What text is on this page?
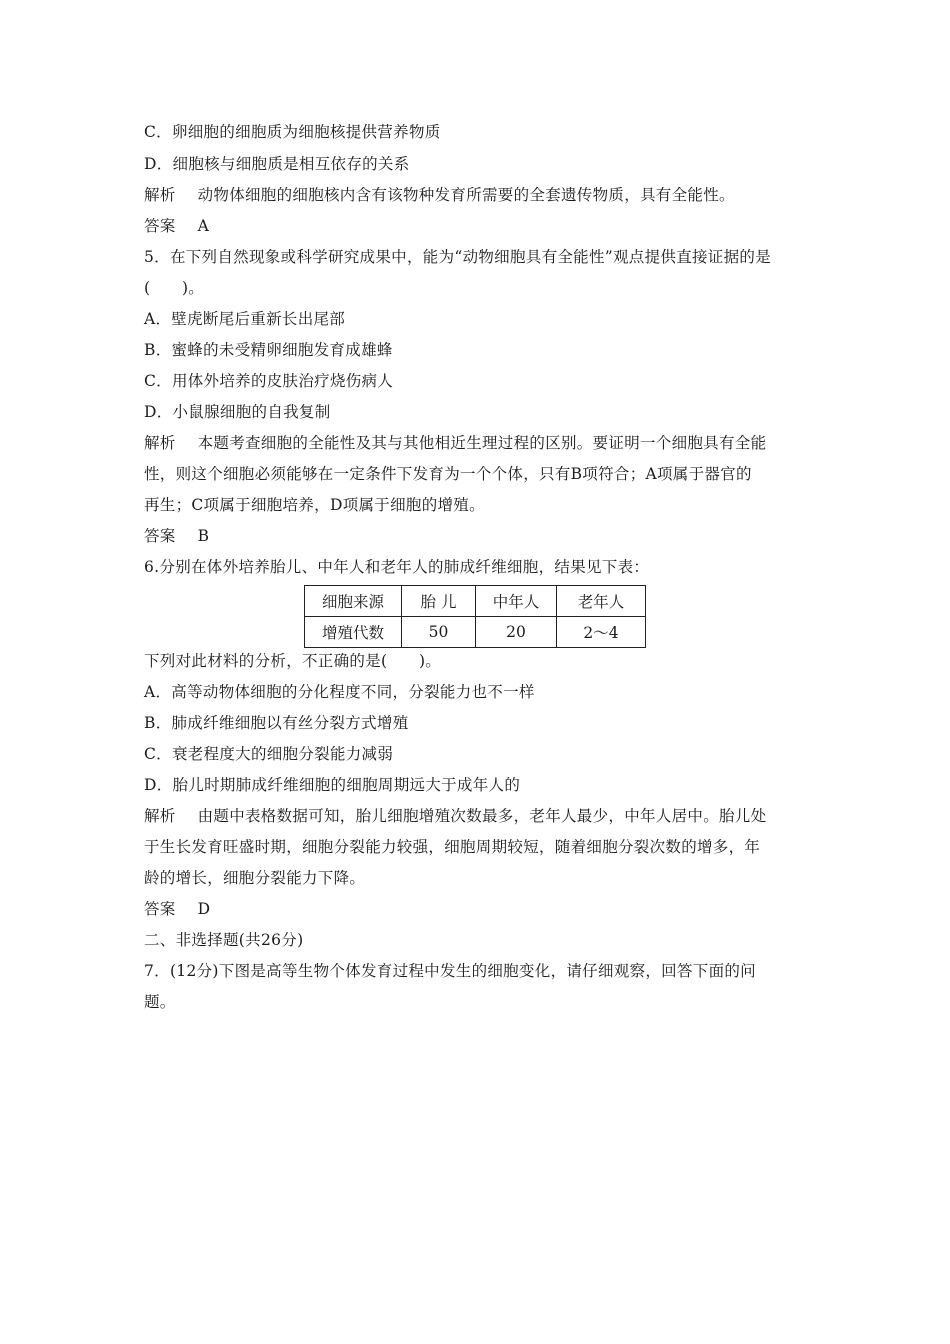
C．卵细胞的细胞质为细胞核提供营养物质
D．细胞核与细胞质是相互依存的关系
解析 动物体细胞的细胞核内含有该物种发育所需要的全套遗传物质，具有全能性。
答案 A
5．在下列自然现象或科学研究成果中，能为“动物细胞具有全能性”观点提供直接证据的是
(　　)。
A．壁虎断尾后重新长出尾部
B．蜜蜂的未受精卵细胞发育成雄蜂
C．用体外培养的皮肤治疗烧伤病人
D．小鼠腺细胞的自我复制
解析 本题考查细胞的全能性及其与其他相近生理过程的区别。要证明一个细胞具有全能
性，则这个细胞必须能够在一定条件下发育为一个个体，只有B项符合；A项属于器官的
再生；C项属于细胞培养，D项属于细胞的增殖。
答案 B
6.分别在体外培养胎儿、中年人和老年人的肺成纤维细胞，结果见下表：
细胞来源	胎 儿	中年人	老年人
增殖代数	50	20	2～4
下列对此材料的分析，不正确的是(　　)。
A．高等动物体细胞的分化程度不同，分裂能力也不一样
B．肺成纤维细胞以有丝分裂方式增殖
C．衰老程度大的细胞分裂能力减弱
D．胎儿时期肺成纤维细胞的细胞周期远大于成年人的
解析 由题中表格数据可知，胎儿细胞增殖次数最多，老年人最少，中年人居中。胎儿处
于生长发育旺盛时期，细胞分裂能力较强，细胞周期较短，随着细胞分裂次数的增多，年
龄的增长，细胞分裂能力下降。
答案 D
二、非选择题(共26分)
7．(12分)下图是高等生物个体发育过程中发生的细胞变化，请仔细观察，回答下面的问
题。
